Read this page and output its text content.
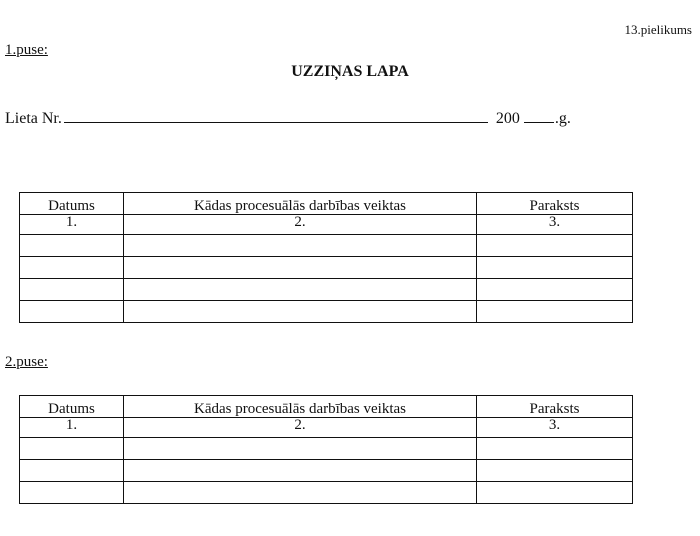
13.pielikums
1.puse:
UZZIŅAS LAPA
Lieta Nr.	200 .g.
Datums	Kādas procesuālās darbības veiktas	Paraksts
1.	2.	3.

2.puse:
Datums	Kādas procesuālās darbības veiktas	Paraksts
1.	2.	3.
